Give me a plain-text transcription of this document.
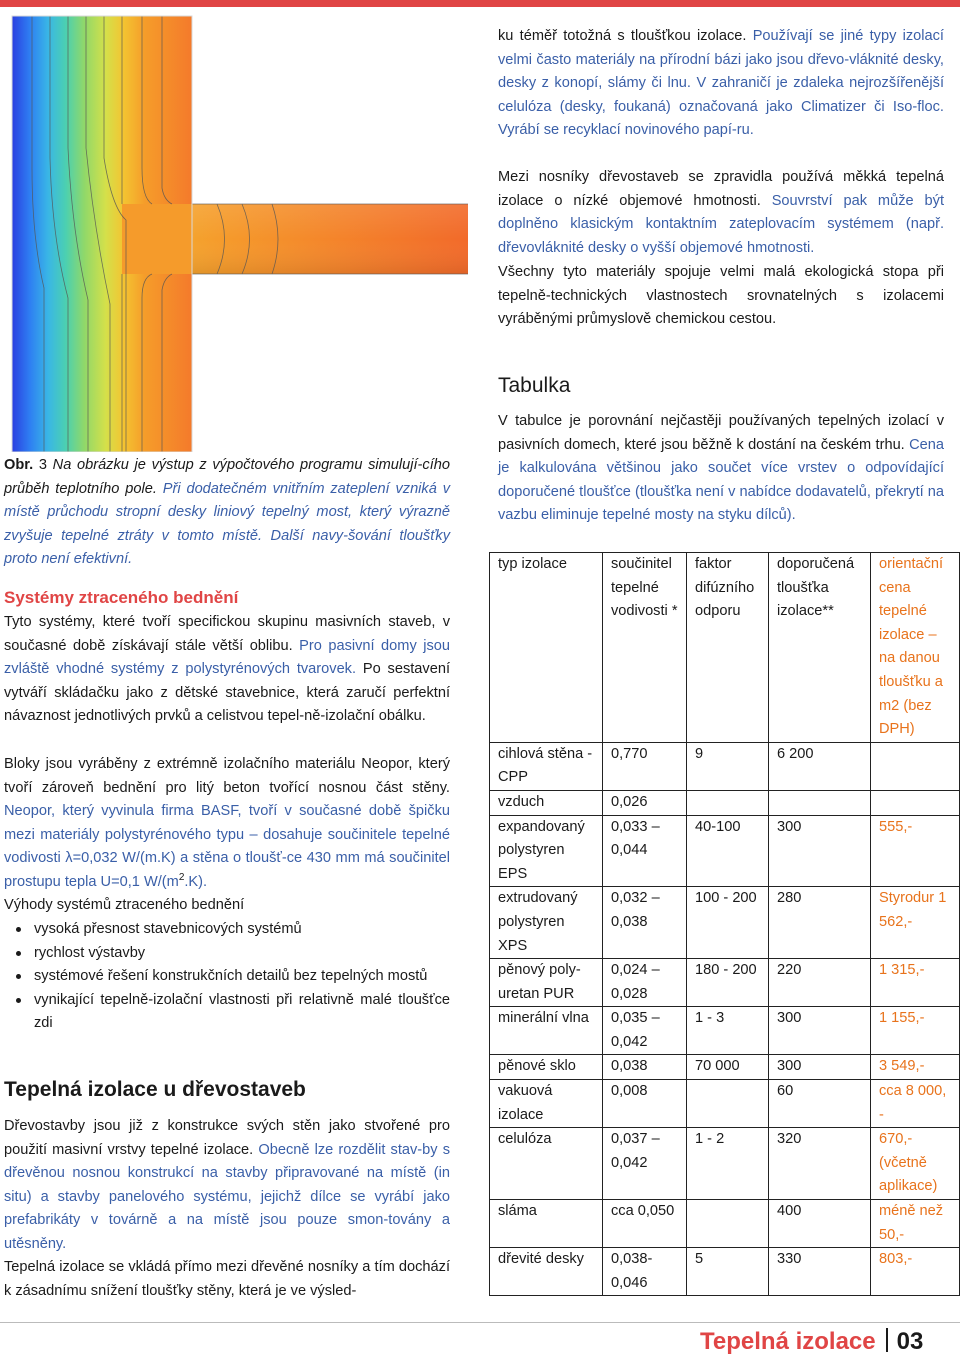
Obr. 3 Na obrázku je výstup z výpočtového programu simulují-cího průběh teplotního pole. Při dodatečném vnitřním zateplení vzniká v místě průchodu stropní desky liniový tepelný most, který výrazně zvyšuje tepelné ztráty v tomto místě. Další navy-šování tloušťky proto není efektivní.

Systémy ztraceného bednění

Tyto systémy, které tvoří specifickou skupinu masivních staveb, v současné době získávají stále větší oblibu. Pro pasivní domy jsou zvláště vhodné systémy z polystyrénových tvarovek. Po sestavení vytváří skládačku jako z dětské stavebnice, která zaručí perfektní návaznost jednotlivých prvků a celistvou tepel-ně-izolační obálku.

Bloky jsou vyráběny z extrémně izolačního materiálu Neopor, který tvoří zároveň bednění pro litý beton tvořící nosnou část stěny. Neopor, který vyvinula firma BASF, tvoří v současné době špičku mezi materiály polystyrénového typu – dosahuje součinitele tepelné vodivosti λ=0,032 W/(m.K) a stěna o tloušť-ce 430 mm má součinitel prostupu tepla U=0,1 $W/(m^2.K)$.

Výhody systémů ztraceného bednění

vysoká přesnost stavebnicových systémů
rychlost výstavby
systémové řešení konstrukčních detailů bez tepelných mostů
vynikající tepelně-izolační vlastnosti při relativně malé tloušťce zdi
Tepelná izolace u dřevostaveb

Dřevostavby jsou již z konstrukce svých stěn jako stvořené pro použití masivní vrstvy tepelné izolace. Obecně lze rozdělit stav-by s dřevěnou nosnou konstrukcí na stavby připravované na místě (in situ) a stavby panelového systému, jejichž dílce se vyrábí jako prefabrikáty v továrně a na místě jsou pouze smon-továny a utěsněny.

Tepelná izolace se vkládá přímo mezi dřevěné nosníky a tím dochází k zásadnímu snížení tloušťky stěny, která je ve výsled-

ku téměř totožná s tloušťkou izolace. Používají se jiné typy izolací velmi často materiály na přírodní bázi jako jsou dřevo-vláknité desky, desky z konopí, slámy či lnu. V zahraničí je zdaleka nejrozšířenější celulóza (desky, foukaná) označovaná jako Climatizer či Iso-floc. Vyrábí se recyklací novinového papí-ru.

Mezi nosníky dřevostaveb se zpravidla používá měkká tepelná izolace o nízké objemové hmotnosti. Souvrství pak může být doplněno klasickým kontaktním zateplovacím systémem (např. dřevovláknité desky o vyšší objemové hmotnosti.

Všechny tyto materiály spojuje velmi malá ekologická stopa při tepelně-technických vlastnostech srovnatelných s izolacemi vyráběnými průmyslově chemickou cestou.

Tabulka

V tabulce je porovnání nejčastěji používaných tepelných izolací v pasivních domech, které jsou běžně k dostání na českém trhu. Cena je kalkulována většinou jako součet více vrstev o odpovídající doporučené tloušťce (tloušťka není v nabídce dodavatelů, překrytí na vazbu eliminuje tepelné mosty na styku dílců).

typ izolace	součinitel tepelné vodivosti *	faktor difúzního odporu	doporučená tloušťka izolace**	orientační cena tepelné izolace – na danou tloušťku a m2 (bez DPH)
cihlová stěna - CPP	0,770	9	6 200	
vzduch	0,026			
expandovaný polystyren EPS	0,033 – 0,044	40-100	300	555,-
extrudovaný polystyren XPS	0,032 – 0,038	100 - 200	280	Styrodur 1 562,-
pěnový poly-uretan PUR	0,024 – 0,028	180 - 200	220	1 315,-
minerální vlna	0,035 – 0,042	1 - 3	300	1 155,-
pěnové sklo	0,038	70 000	300	3 549,-
vakuová izolace	0,008		60	cca 8 000, -
celulóza	0,037 – 0,042	1 - 2	320	670,- (včetně aplikace)
sláma	cca 0,050		400	méně než 50,-
dřevité desky	0,038-0,046	5	330	803,-
Tepelná izolace 03
